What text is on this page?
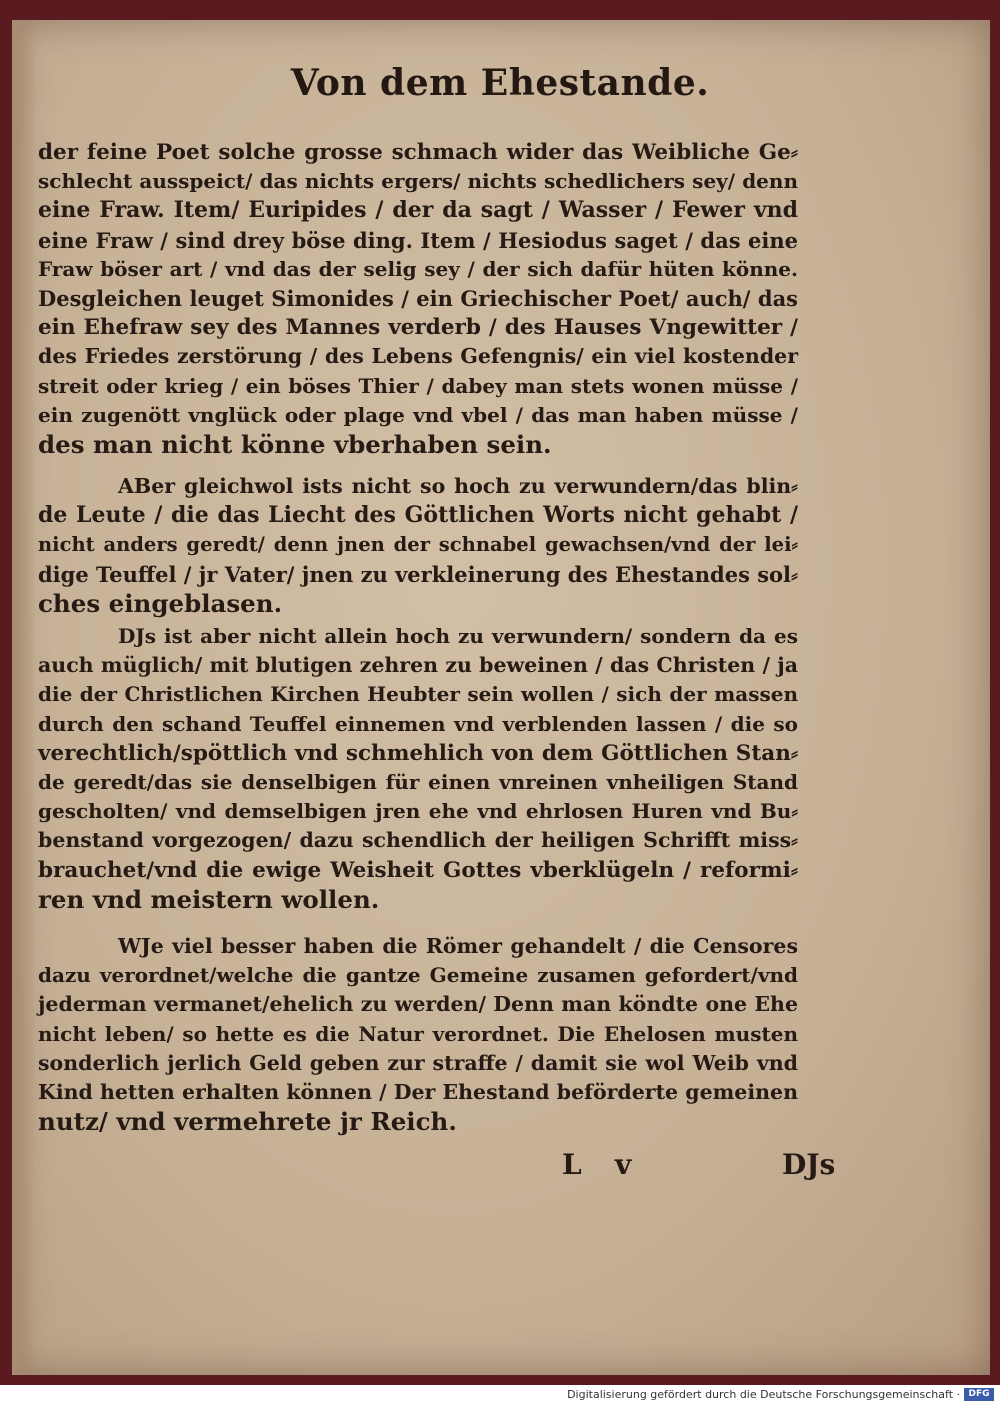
Von dem Ehestande.
der feine Poet solche grosse schmach wider das Weibliche Ge⸗
schlecht ausspeict/ das nichts ergers/ nichts schedlichers sey/ denn
eine Fraw. Item/ Euripides / der da sagt / Wasser / Fewer vnd
eine Fraw / sind drey böse ding. Item / Hesiodus saget / das eine
Fraw böser art / vnd das der selig sey / der sich dafür hüten könne.
Desgleichen leuget Simonides / ein Griechischer Poet/ auch/ das
ein Ehefraw sey des Mannes verderb / des Hauses Vngewitter /
des Friedes zerstörung / des Lebens Gefengnis/ ein viel kostender
streit oder krieg / ein böses Thier / dabey man stets wonen müsse /
ein zugenött vnglück oder plage vnd vbel / das man haben müsse /
des man nicht könne vberhaben sein.
ABer gleichwol ists nicht so hoch zu verwundern/das blin⸗
de Leute / die das Liecht des Göttlichen Worts nicht gehabt /
nicht anders geredt/ denn jnen der schnabel gewachsen/vnd der lei⸗
dige Teuffel / jr Vater/ jnen zu verkleinerung des Ehestandes sol⸗
ches eingeblasen.
DJs ist aber nicht allein hoch zu verwundern/ sondern da es
auch müglich/ mit blutigen zehren zu beweinen / das Christen / ja
die der Christlichen Kirchen Heubter sein wollen / sich der massen
durch den schand Teuffel einnemen vnd verblenden lassen / die so
verechtlich/spöttlich vnd schmehlich von dem Göttlichen Stan⸗
de geredt/das sie denselbigen für einen vnreinen vnheiligen Stand
gescholten/ vnd demselbigen jren ehe vnd ehrlosen Huren vnd Bu⸗
benstand vorgezogen/ dazu schendlich der heiligen Schrifft miss⸗
brauchet/vnd die ewige Weisheit Gottes vberklügeln / reformi⸗
ren vnd meistern wollen.
WJe viel besser haben die Römer gehandelt / die Censores
dazu verordnet/welche die gantze Gemeine zusamen gefordert/vnd
jederman vermanet/ehelich zu werden/ Denn man köndte one Ehe
nicht leben/ so hette es die Natur verordnet. Die Ehelosen musten
sonderlich jerlich Geld geben zur straffe / damit sie wol Weib vnd
Kind hetten erhalten können / Der Ehestand beförderte gemeinen
nutz/ vnd vermehrete jr Reich.
L v	DJs
Digitalisierung gefördert durch die Deutsche Forschungsgemeinschaft · DFG
